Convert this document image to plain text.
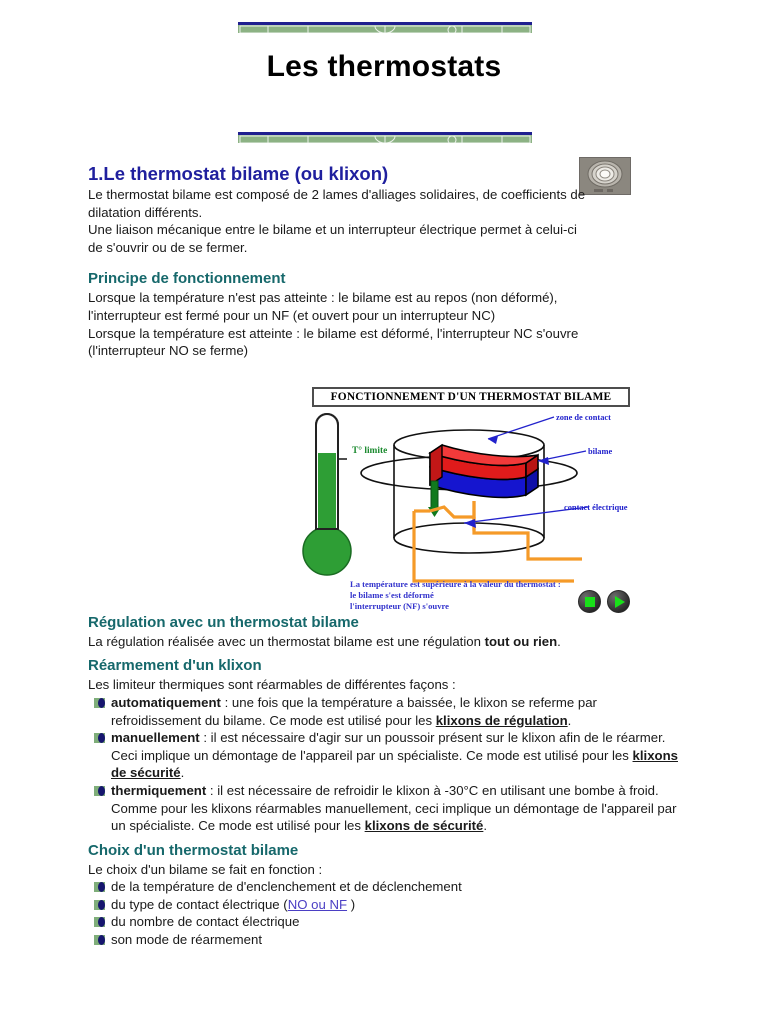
Les thermostats
1.Le thermostat bilame (ou klixon)

Le thermostat bilame est composé de 2 lames d'alliages solidaires, de coefficients de
dilatation différents.
Une liaison mécanique entre le bilame et un interrupteur électrique permet à celui-ci
de s'ouvrir ou de se fermer.

Principe de fonctionnement

Lorsque la température n'est pas atteinte : le bilame est au repos (non déformé),
l'interrupteur est fermé pour un NF (et ouvert pour un interrupteur NC)
Lorsque la température est atteinte : le bilame est déformé, l'interrupteur NC s'ouvre
(l'interrupteur NO se ferme)

Régulation avec un thermostat bilame

La régulation réalisée avec un thermostat bilame est une régulation tout ou rien.

Réarmement d'un klixon

Les limiteur thermiques sont réarmables de différentes façons :

automatiquement : une fois que la température a baissée, le klixon se referme par refroidissement du bilame. Ce mode est utilisé pour les klixons de régulation.
manuellement : il est nécessaire d'agir sur un poussoir présent sur le klixon afin de le réarmer. Ceci implique un démontage de l'appareil par un spécialiste. Ce mode est utilisé pour les klixons de sécurité.
thermiquement : il est nécessaire de refroidir le klixon à -30°C en utilisant une bombe à froid. Comme pour les klixons réarmables manuellement, ceci implique un démontage de l'appareil par un spécialiste. Ce mode est utilisé pour les klixons de sécurité.
Choix d'un thermostat bilame

Le choix d'un bilame se fait en fonction :

de la température de d'enclenchement et de déclenchement
du type de contact électrique (NO ou NF )
du nombre de contact électrique
son mode de réarmement
FONCTIONNEMENT D'UN THERMOSTAT BILAME
T° limite
zone de contact
bilame
contact électrique
La température est supérieure à la valeur du thermostat :
le bilame s'est déformé
l'interrupteur (NF) s'ouvre
